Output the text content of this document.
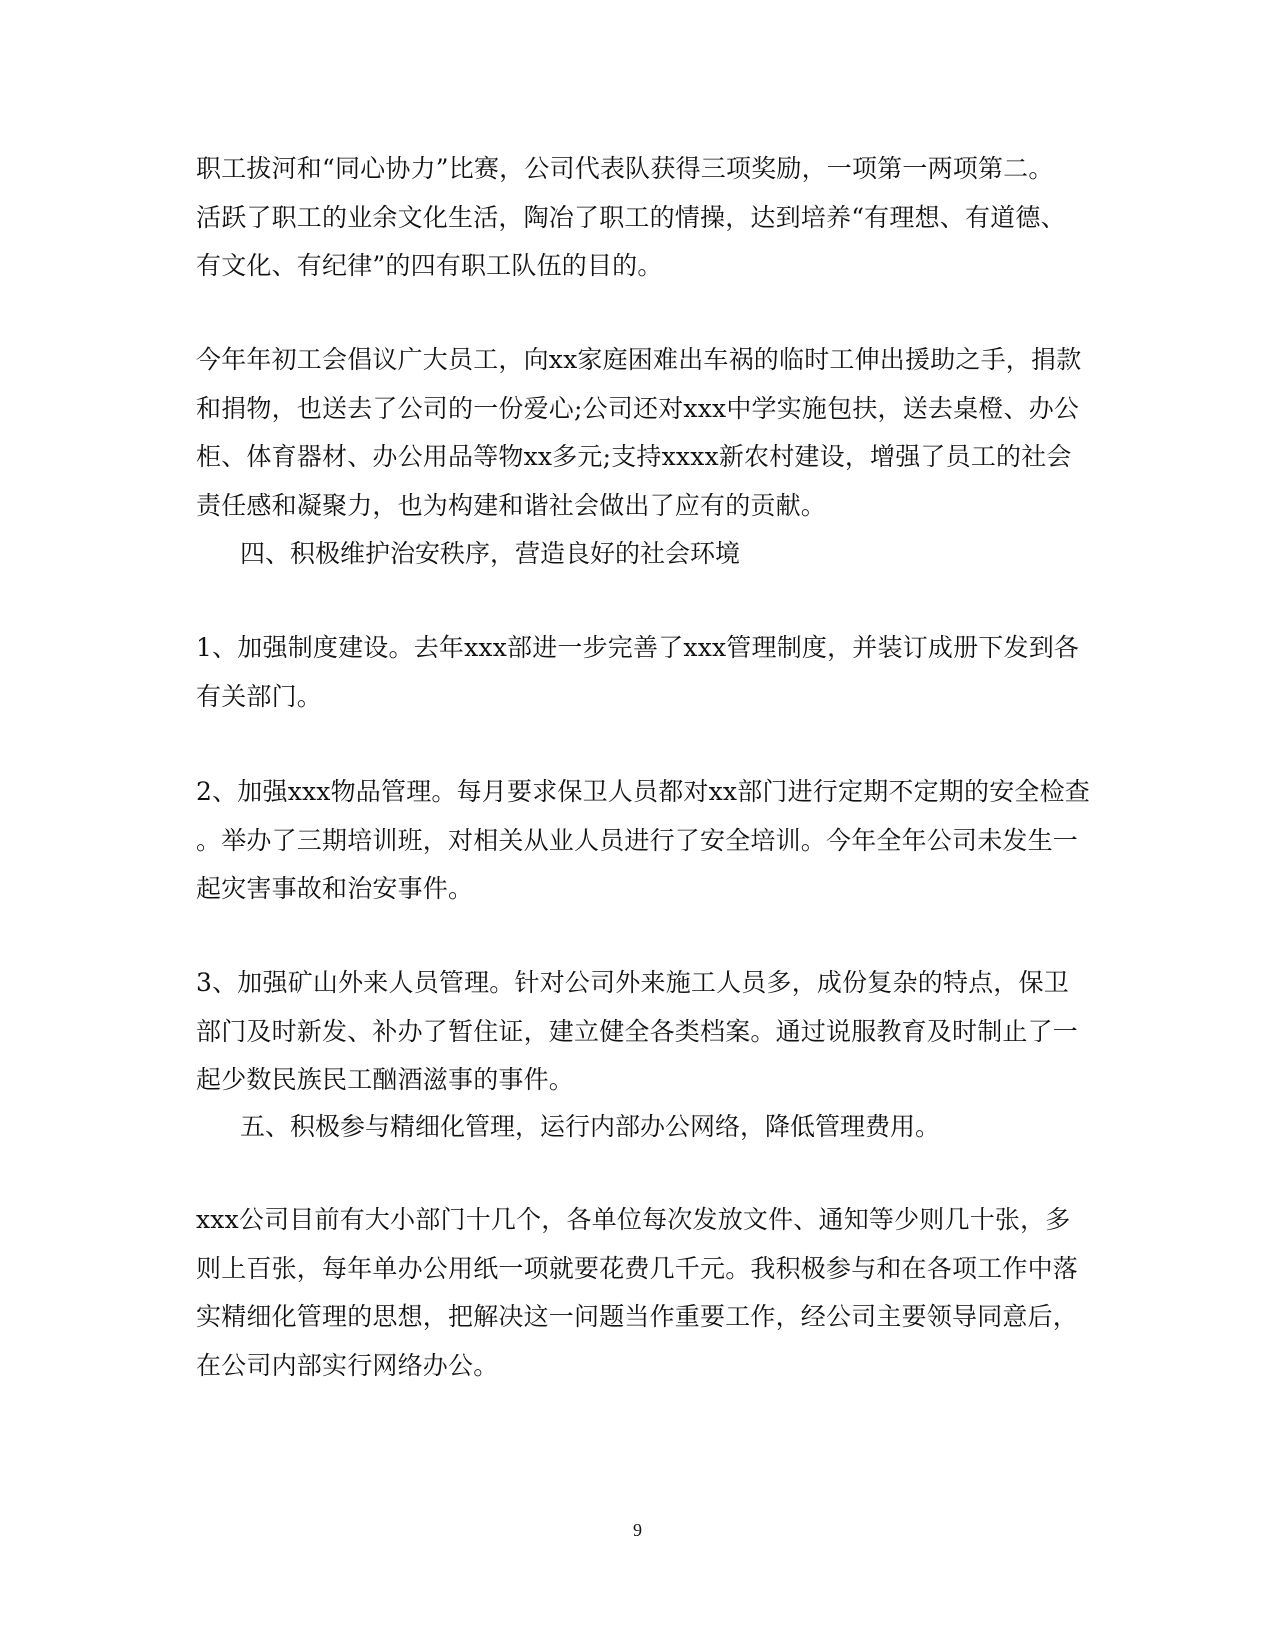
职工拔河和“同心协力”比赛，公司代表队获得三项奖励，一项第一两项第二。
活跃了职工的业余文化生活，陶冶了职工的情操，达到培养“有理想、有道德、
有文化、有纪律”的四有职工队伍的目的。
今年年初工会倡议广大员工，向xx家庭困难出车祸的临时工伸出援助之手，捐款
和捐物，也送去了公司的一份爱心;公司还对xxx中学实施包扶，送去桌橙、办公
柜、体育器材、办公用品等物xx多元;支持xxxx新农村建设，增强了员工的社会
责任感和凝聚力，也为构建和谐社会做出了应有的贡献。
四、积极维护治安秩序，营造良好的社会环境
1、加强制度建设。去年xxx部进一步完善了xxx管理制度，并装订成册下发到各
有关部门。
2、加强xxx物品管理。每月要求保卫人员都对xx部门进行定期不定期的安全检查
。举办了三期培训班，对相关从业人员进行了安全培训。今年全年公司未发生一
起灾害事故和治安事件。
3、加强矿山外来人员管理。针对公司外来施工人员多，成份复杂的特点，保卫
部门及时新发、补办了暂住证，建立健全各类档案。通过说服教育及时制止了一
起少数民族民工酗酒滋事的事件。
五、积极参与精细化管理，运行内部办公网络，降低管理费用。
xxx公司目前有大小部门十几个，各单位每次发放文件、通知等少则几十张，多
则上百张，每年单办公用纸一项就要花费几千元。我积极参与和在各项工作中落
实精细化管理的思想，把解决这一问题当作重要工作，经公司主要领导同意后，
在公司内部实行网络办公。
9
